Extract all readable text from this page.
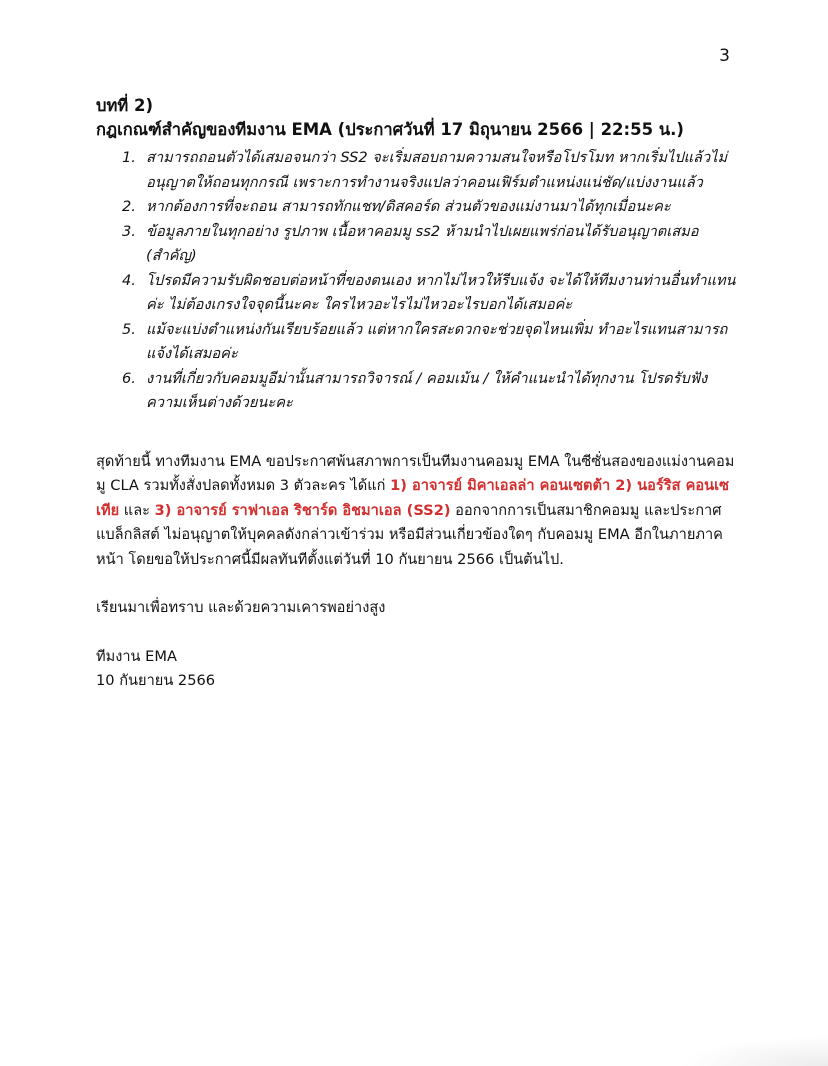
3

บทที่ 2)

กฎเกณฑ์สำคัญของทีมงาน EMA (ประกาศวันที่ 17 มิถุนายน 2566 | 22:55 น.)

1. สามารถถอนตัวได้เสมอจนกว่า SS2 จะเริ่มสอบถามความสนใจหรือโปรโมท หากเริ่มไปแล้วไม่อนุญาตให้ถอนทุกกรณี เพราะการทำงานจริงแปลว่าคอนเฟิร์มตำแหน่งแน่ชัด/แบ่งงานแล้ว
2. หากต้องการที่จะถอน สามารถทักแชท/ดิสคอร์ด ส่วนตัวของแม่งานมาได้ทุกเมื่อนะคะ
3. ข้อมูลภายในทุกอย่าง รูปภาพ เนื้อหาคอมมู ss2 ห้ามนำไปเผยแพร่ก่อนได้รับอนุญาตเสมอ (สำคัญ)
4. โปรดมีความรับผิดชอบต่อหน้าที่ของตนเอง หากไม่ไหวให้รีบแจ้ง จะได้ให้ทีมงานท่านอื่นทำแทนค่ะ ไม่ต้องเกรงใจจุดนี้นะคะ ใครไหวอะไรไม่ไหวอะไรบอกได้เสมอค่ะ
5. แม้จะแบ่งตำแหน่งกันเรียบร้อยแล้ว แต่หากใครสะดวกจะช่วยจุดไหนเพิ่ม ทำอะไรแทนสามารถแจ้งได้เสมอค่ะ
6. งานที่เกี่ยวกับคอมมูอีม่านั้นสามารถวิจารณ์ / คอมเม้น / ให้คำแนะนำได้ทุกงาน โปรดรับฟังความเห็นต่างด้วยนะคะ

สุดท้ายนี้ ทางทีมงาน EMA ขอประกาศพ้นสภาพการเป็นทีมงานคอมมู EMA ในซีซั่นสองของแม่งานคอมมู CLA รวมทั้งสั่งปลดทั้งหมด 3 ตัวละคร ได้แก่ 1) อาจารย์ มิคาเอลล่า คอนเซตต้า 2) นอร์ริส คอนเซเทีย และ 3) อาจารย์ ราฟาเอล ริชาร์ด อิชมาเอล (SS2) ออกจากการเป็นสมาชิกคอมมู และประกาศแบล็กลิสต์ ไม่อนุญาตให้บุคคลดังกล่าวเข้าร่วม หรือมีส่วนเกี่ยวข้องใดๆ กับคอมมู EMA อีกในภายภาคหน้า โดยขอให้ประกาศนี้มีผลทันทีตั้งแต่วันที่ 10 กันยายน 2566 เป็นต้นไป.

เรียนมาเพื่อทราบ และด้วยความเคารพอย่างสูง

ทีมงาน EMA
10 กันยายน 2566
